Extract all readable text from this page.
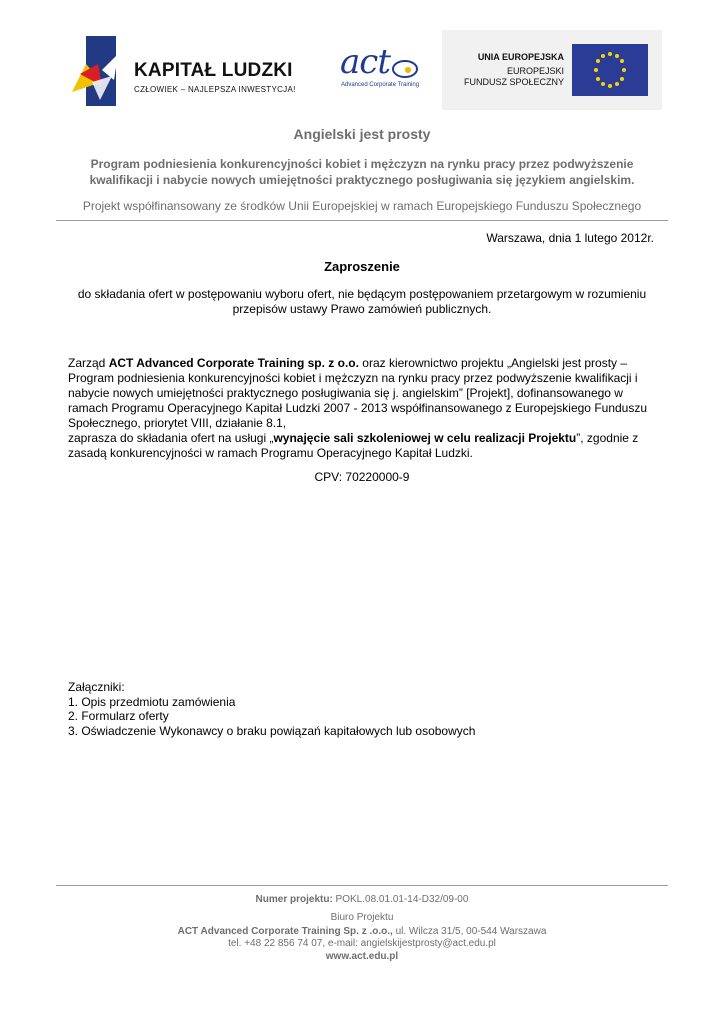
KAPITAŁ LUDZKI
CZŁOWIEK – NAJLEPSZA INWESTYCJA!
act
Advanced Corporate Training
UNIA EUROPEJSKA
EUROPEJSKI
FUNDUSZ SPOŁECZNY
Angielski jest prosty
Program podniesienia konkurencyjności kobiet i mężczyzn na rynku pracy przez podwyższenie kwalifikacji i nabycie nowych umiejętności praktycznego posługiwania się językiem angielskim.
Projekt współfinansowany ze środków Unii Europejskiej w ramach Europejskiego Funduszu Społecznego
Warszawa, dnia 1 lutego 2012r.
Zaproszenie
do składania ofert w postępowaniu wyboru ofert, nie będącym postępowaniem przetargowym w rozumieniu przepisów ustawy Prawo zamówień publicznych.
Zarząd ACT Advanced Corporate Training sp. z o.o. oraz kierownictwo projektu „Angielski jest prosty – Program podniesienia konkurencyjności kobiet i mężczyzn na rynku pracy przez podwyższenie kwalifikacji i nabycie nowych umiejętności praktycznego posługiwania się j. angielskim” [Projekt], dofinansowanego w ramach Programu Operacyjnego Kapitał Ludzki 2007 - 2013 współfinansowanego z Europejskiego Funduszu Społecznego, priorytet VIII, działanie 8.1,
zaprasza do składania ofert na usługi „wynajęcie sali szkoleniowej w celu realizacji Projektu”, zgodnie z zasadą konkurencyjności w ramach Programu Operacyjnego Kapitał Ludzki.
CPV: 70220000-9
Załączniki:
1. Opis przedmiotu zamówienia
2. Formularz oferty
3. Oświadczenie Wykonawcy o braku powiązań kapitałowych lub osobowych
Numer projektu: POKL.08.01.01-14-D32/09-00
Biuro Projektu
ACT Advanced Corporate Training Sp. z .o.o., ul. Wilcza 31/5, 00-544 Warszawa
tel. +48 22 856 74 07, e-mail: angielskijestprosty@act.edu.pl
www.act.edu.pl
